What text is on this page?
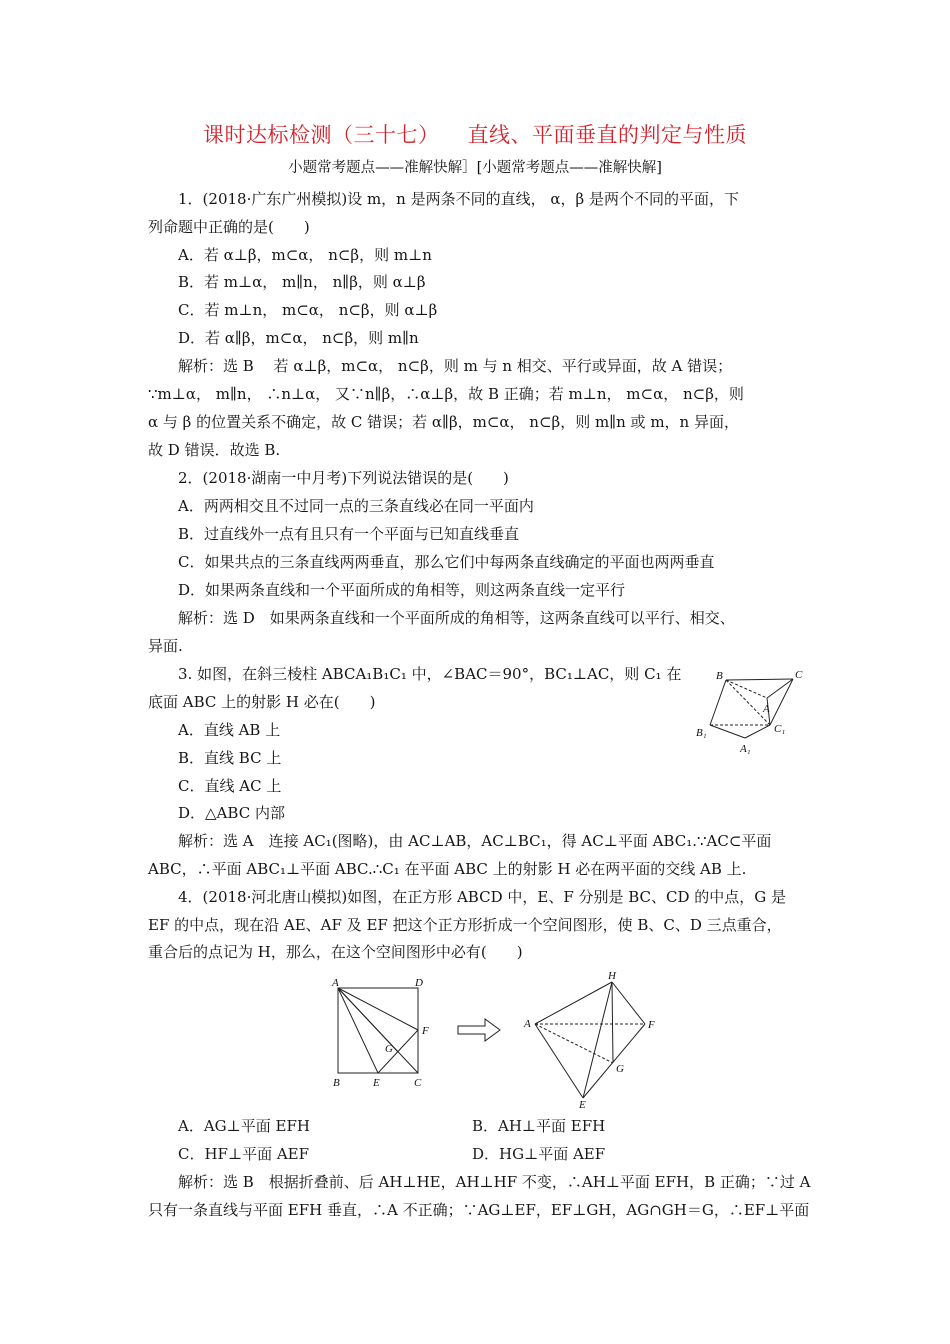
课时达标检测（三十七） 直线、平面垂直的判定与性质
小题常考题点——准解快解］[小题常考题点——准解快解]
1．(2018·广东广州模拟)设 m，n 是两条不同的直线， α，β 是两个不同的平面，下
列命题中正确的是(　　)
A．若 α⊥β，m⊂α， n⊂β，则 m⊥n
B．若 m⊥α， m∥n， n∥β，则 α⊥β
C．若 m⊥n， m⊂α， n⊂β，则 α⊥β
D．若 α∥β，m⊂α， n⊂β，则 m∥n
解析：选 B　 若 α⊥β，m⊂α， n⊂β，则 m 与 n 相交、平行或异面，故 A 错误；
∵m⊥α， m∥n， ∴n⊥α， 又∵n∥β，∴α⊥β，故 B 正确；若 m⊥n， m⊂α， n⊂β，则
α 与 β 的位置关系不确定，故 C 错误；若 α∥β，m⊂α， n⊂β，则 m∥n 或 m，n 异面，
故 D 错误．故选 B.
2．(2018·湖南一中月考)下列说法错误的是(　　)
A．两两相交且不过同一点的三条直线必在同一平面内
B．过直线外一点有且只有一个平面与已知直线垂直
C．如果共点的三条直线两两垂直，那么它们中每两条直线确定的平面也两两垂直
D．如果两条直线和一个平面所成的角相等，则这两条直线一定平行
解析：选 D　如果两条直线和一个平面所成的角相等，这两条直线可以平行、相交、
异面.
3. 如图，在斜三棱柱 ABCA₁B₁C₁ 中，∠BAC＝90°，BC₁⊥AC，则 C₁ 在
底面 ABC 上的射影 H 必在(　　)
A．直线 AB 上
B．直线 BC 上
C．直线 AC 上
D．△ABC 内部
解析：选 A　连接 AC₁(图略)，由 AC⊥AB，AC⊥BC₁，得 AC⊥平面 ABC₁.∵AC⊂平面
ABC，∴平面 ABC₁⊥平面 ABC.∴C₁ 在平面 ABC 上的射影 H 必在两平面的交线 AB 上.
B	C
A
B₁
A₁
C₁
4．(2018·河北唐山模拟)如图，在正方形 ABCD 中，E、F 分别是 BC、CD 的中点，G 是
EF 的中点，现在沿 AE、AF 及 EF 把这个正方形折成一个空间图形，使 B、C、D 三点重合，
重合后的点记为 H，那么，在这个空间图形中必有(　　)
A	D
F
G
B	E	C
H
A	F
G
E
A．AG⊥平面 EFH	B．AH⊥平面 EFH
C．HF⊥平面 AEF	D．HG⊥平面 AEF
解析：选 B　根据折叠前、后 AH⊥HE，AH⊥HF 不变，∴AH⊥平面 EFH，B 正确；∵过 A
只有一条直线与平面 EFH 垂直，∴A 不正确；∵AG⊥EF，EF⊥GH，AG∩GH＝G，∴EF⊥平面
